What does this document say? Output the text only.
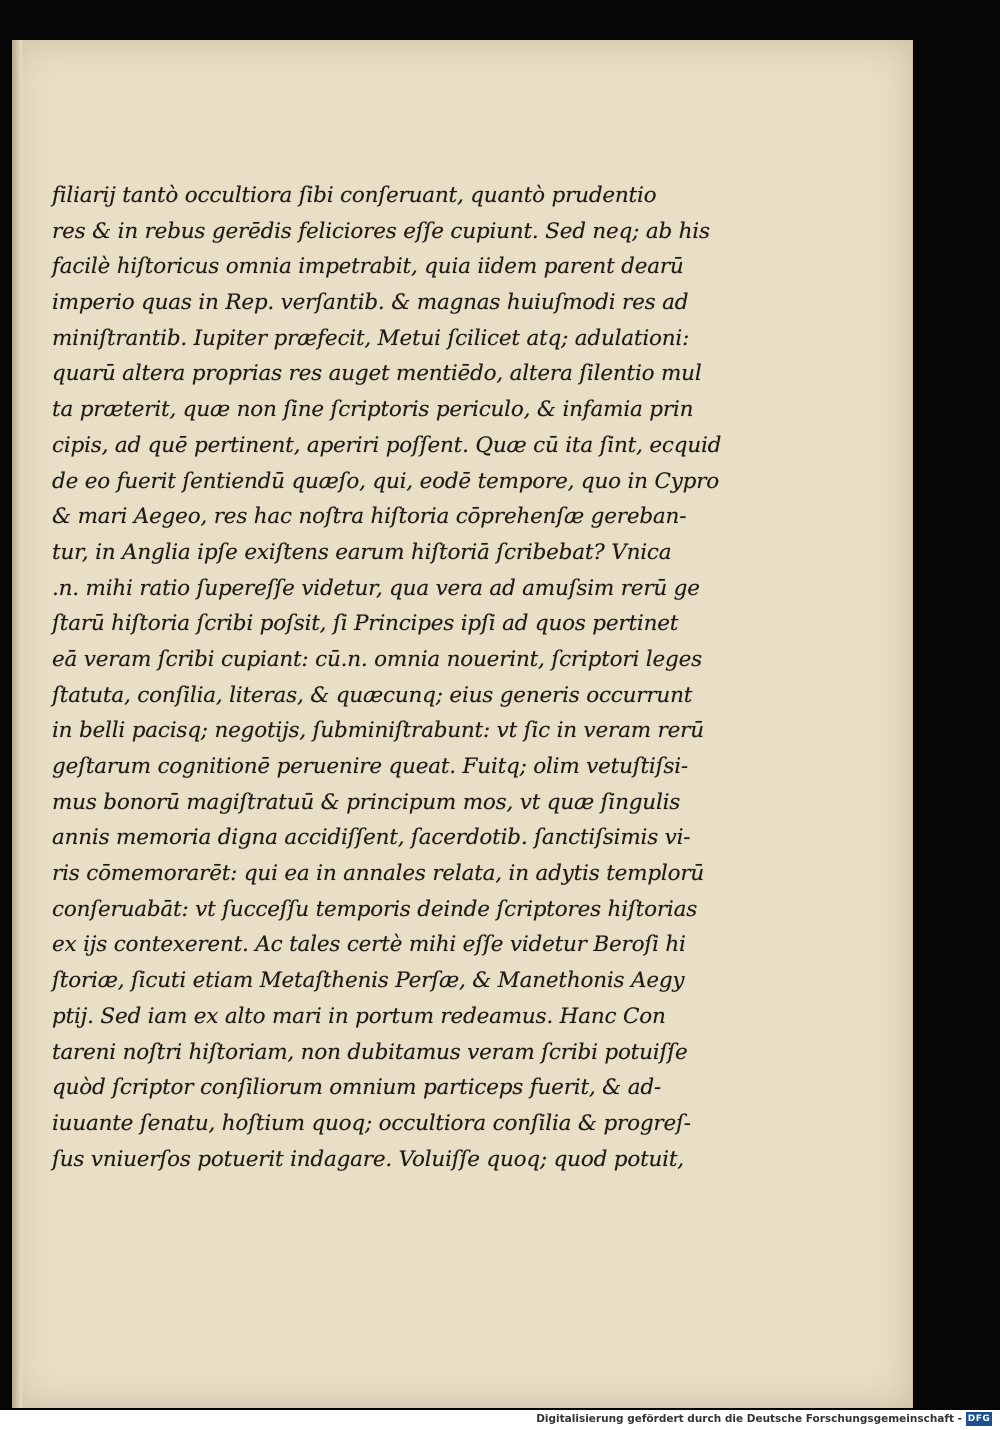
filiarij tantò occultiora ſibi conſeruant, quantò prudentio
res & in rebus gerēdis feliciores eſſe cupiunt. Sed neq; ab his
facilè hiſtoricus omnia impetrabit, quia iidem parent dearū
imperio quas in Rep. verſantib. & magnas huiuſmodi res ad
miniſtrantib. Iupiter præfecit, Metui ſcilicet atq; adulationi:
quarū altera proprias res auget mentiēdo, altera ſilentio mul
ta præterit, quæ non ſine ſcriptoris periculo, & infamia prin
cipis, ad quē pertinent, aperiri poſſent. Quæ cū ita ſint, ecquid
de eo fuerit ſentiendū quæſo, qui, eodē tempore, quo in Cypro
& mari Aegeo, res hac noſtra hiſtoria cōprehenſæ gereban-
tur, in Anglia ipſe exiſtens earum hiſtoriā ſcribebat? Vnica
.n. mihi ratio ſupereſſe videtur, qua vera ad amuſsim rerū ge
ſtarū hiſtoria ſcribi poſsit, ſi Principes ipſi ad quos pertinet
eā veram ſcribi cupiant: cū.n. omnia nouerint, ſcriptori leges
ſtatuta, conſilia, literas, & quæcunq; eius generis occurrunt
in belli pacisq; negotijs, ſubminiſtrabunt: vt ſic in veram rerū
geſtarum cognitionē peruenire queat. Fuitq; olim vetuſtiſsi-
mus bonorū magiſtratuū & principum mos, vt quæ ſingulis
annis memoria digna accidiſſent, ſacerdotib. ſanctiſsimis vi-
ris cōmemorarēt: qui ea in annales relata, in adytis templorū
conſeruabāt: vt ſucceſſu temporis deinde ſcriptores hiſtorias
ex ijs contexerent. Ac tales certè mihi eſſe videtur Beroſi hi
ſtoriæ, ſicuti etiam Metaſthenis Perſæ, & Manethonis Aegy
ptij. Sed iam ex alto mari in portum redeamus. Hanc Con
tareni noſtri hiſtoriam, non dubitamus veram ſcribi potuiſſe
quòd ſcriptor conſiliorum omnium particeps fuerit, & ad-
iuuante ſenatu, hoſtium quoq; occultiora conſilia & progreſ-
ſus vniuerſos potuerit indagare. Voluiſſe quoq; quod potuit,
Digitalisierung gefördert durch die Deutsche Forschungsgemeinschaft - DFG
